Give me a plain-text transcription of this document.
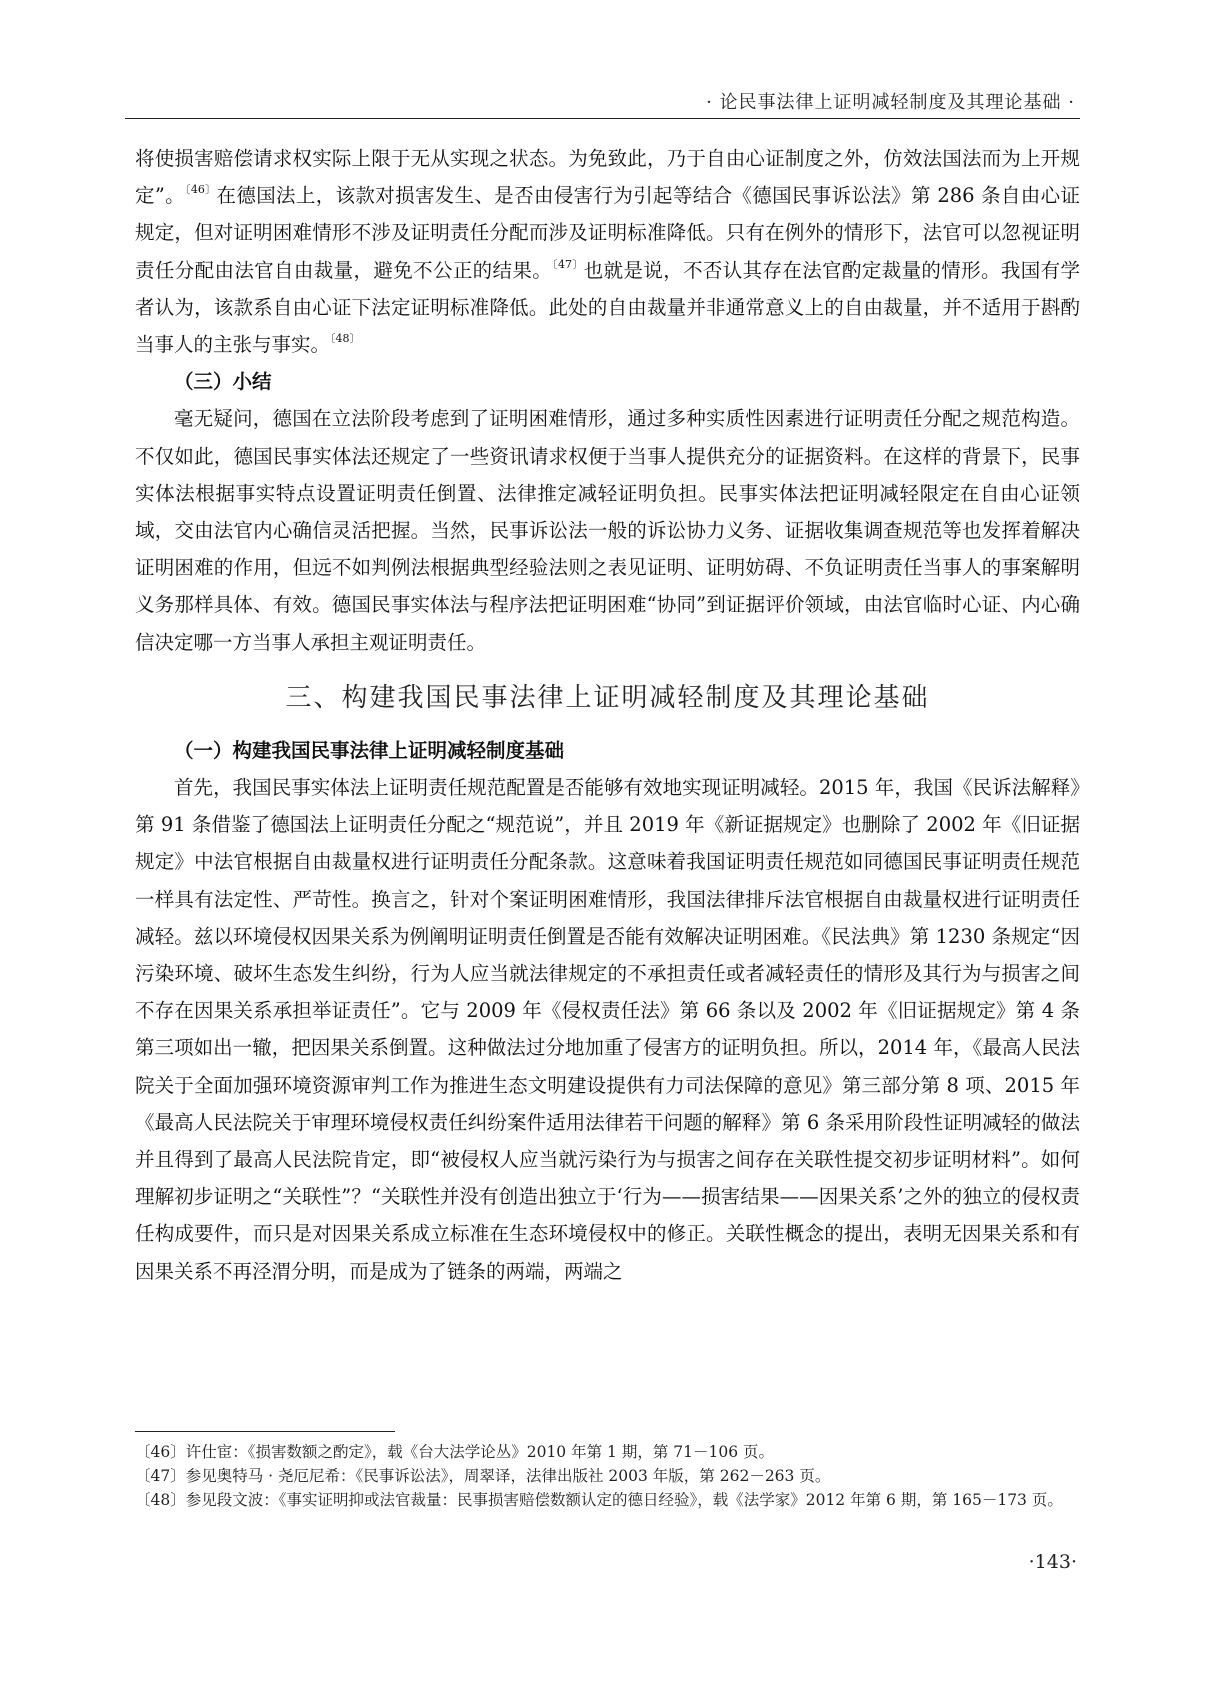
· 论民事法律上证明减轻制度及其理论基础 ·

将使损害赔偿请求权实际上限于无从实现之状态。为免致此，乃于自由心证制度之外，仿效法国法而为上开规定”。$^{〔46〕}$在德国法上，该款对损害发生、是否由侵害行为引起等结合《德国民事诉讼法》第 286 条自由心证规定，但对证明困难情形不涉及证明责任分配而涉及证明标准降低。只有在例外的情形下，法官可以忽视证明责任分配由法官自由裁量，避免不公正的结果。$^{〔47〕}$也就是说，不否认其存在法官酌定裁量的情形。我国有学者认为，该款系自由心证下法定证明标准降低。此处的自由裁量并非通常意义上的自由裁量，并不适用于斟酌当事人的主张与事实。$^{〔48〕}$

（三）小结

毫无疑问，德国在立法阶段考虑到了证明困难情形，通过多种实质性因素进行证明责任分配之规范构造。不仅如此，德国民事实体法还规定了一些资讯请求权便于当事人提供充分的证据资料。在这样的背景下，民事实体法根据事实特点设置证明责任倒置、法律推定减轻证明负担。民事实体法把证明减轻限定在自由心证领域，交由法官内心确信灵活把握。当然，民事诉讼法一般的诉讼协力义务、证据收集调查规范等也发挥着解决证明困难的作用，但远不如判例法根据典型经验法则之表见证明、证明妨碍、不负证明责任当事人的事案解明义务那样具体、有效。德国民事实体法与程序法把证明困难“协同”到证据评价领域，由法官临时心证、内心确信决定哪一方当事人承担主观证明责任。

三、构建我国民事法律上证明减轻制度及其理论基础
（一）构建我国民事法律上证明减轻制度基础

首先，我国民事实体法上证明责任规范配置是否能够有效地实现证明减轻。2015 年，我国《民诉法解释》第 91 条借鉴了德国法上证明责任分配之“规范说”，并且 2019 年《新证据规定》也删除了 2002 年《旧证据规定》中法官根据自由裁量权进行证明责任分配条款。这意味着我国证明责任规范如同德国民事证明责任规范一样具有法定性、严苛性。换言之，针对个案证明困难情形，我国法律排斥法官根据自由裁量权进行证明责任减轻。兹以环境侵权因果关系为例阐明证明责任倒置是否能有效解决证明困难。《民法典》第 1230 条规定“因污染环境、破坏生态发生纠纷，行为人应当就法律规定的不承担责任或者减轻责任的情形及其行为与损害之间不存在因果关系承担举证责任”。它与 2009 年《侵权责任法》第 66 条以及 2002 年《旧证据规定》第 4 条第三项如出一辙，把因果关系倒置。这种做法过分地加重了侵害方的证明负担。所以，2014 年，《最高人民法院关于全面加强环境资源审判工作为推进生态文明建设提供有力司法保障的意见》第三部分第 8 项、2015 年《最高人民法院关于审理环境侵权责任纠纷案件适用法律若干问题的解释》第 6 条采用阶段性证明减轻的做法并且得到了最高人民法院肯定，即“被侵权人应当就污染行为与损害之间存在关联性提交初步证明材料”。如何理解初步证明之“关联性”？“关联性并没有创造出独立于‘行为——损害结果——因果关系’之外的独立的侵权责任构成要件，而只是对因果关系成立标准在生态环境侵权中的修正。关联性概念的提出，表明无因果关系和有因果关系不再泾渭分明，而是成为了链条的两端，两端之

〔46〕许仕宦：《损害数额之酌定》，载《台大法学论丛》2010 年第 1 期，第 71－106 页。

〔47〕参见奥特马 · 尧厄尼希：《民事诉讼法》，周翠译，法律出版社 2003 年版，第 262－263 页。

〔48〕参见段文波：《事实证明抑或法官裁量：民事损害赔偿数额认定的德日经验》，载《法学家》2012 年第 6 期，第 165－173 页。

·143·
